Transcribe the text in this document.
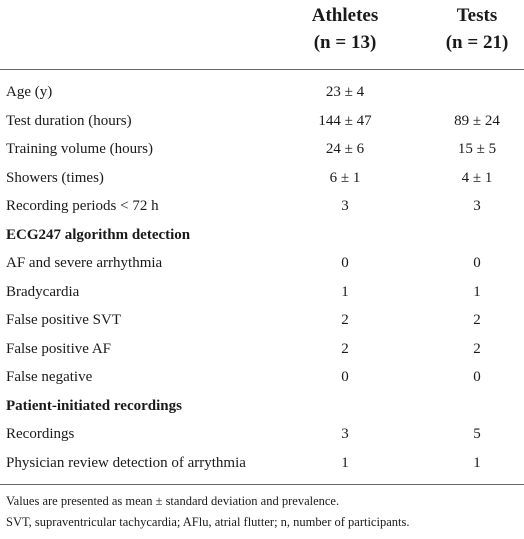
Athletes
(n = 13)
Tests
(n = 21)
Age (y)	23 ± 4
Test duration (hours)	144 ± 47	89 ± 24
Training volume (hours)	24 ± 6	15 ± 5
Showers (times)	6 ± 1	4 ± 1
Recording periods < 72 h	3	3
ECG247 algorithm detection
AF and severe arrhythmia	0	0
Bradycardia	1	1
False positive SVT	2	2
False positive AF	2	2
False negative	0	0
Patient-initiated recordings
Recordings	3	5
Physician review detection of arrythmia	1	1
Values are presented as mean ± standard deviation and prevalence.
SVT, supraventricular tachycardia; AFlu, atrial flutter; n, number of participants.
